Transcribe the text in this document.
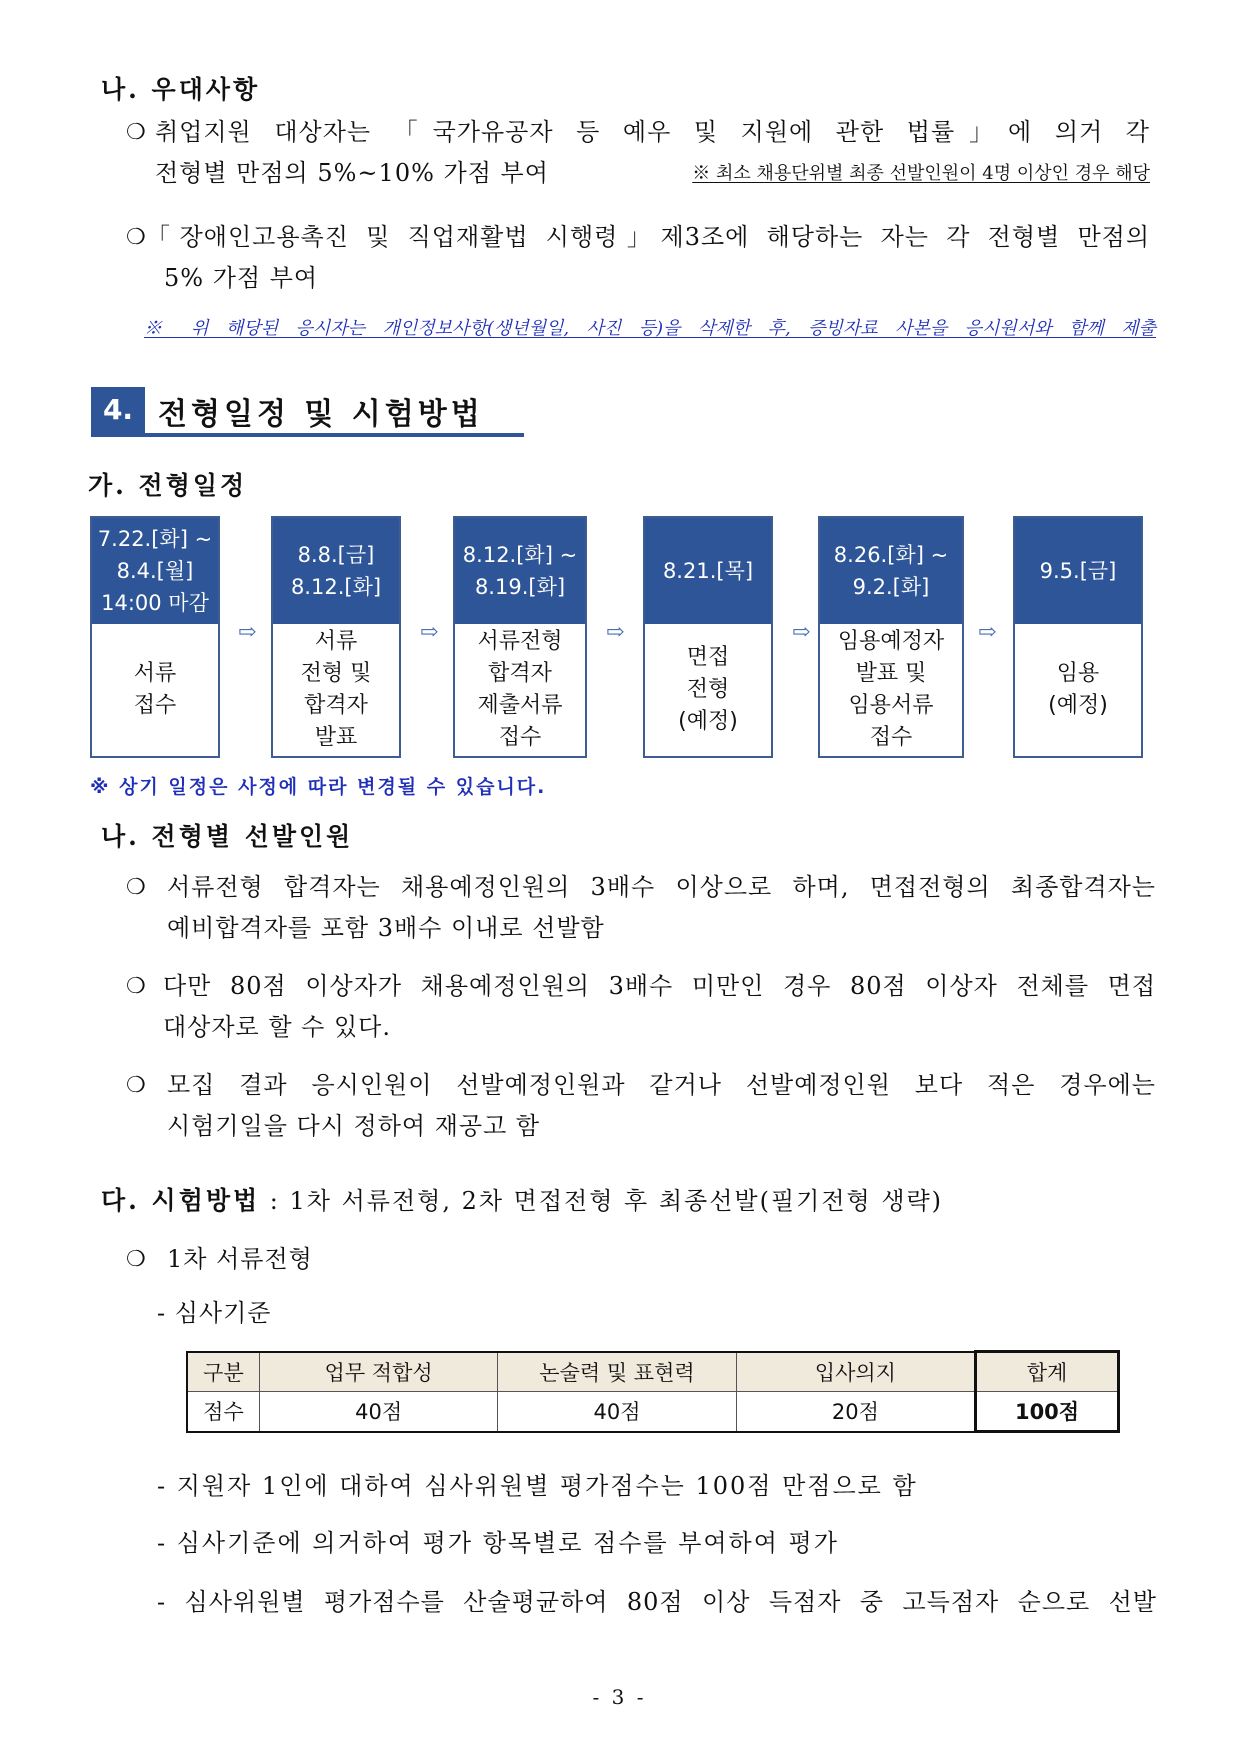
나. 우대사항
❍ 취업지원 대상자는 「국가유공자 등 예우 및 지원에 관한 법률」에 의거 각
전형별 만점의 5%~10% 가점 부여	※ 최소 채용단위별 최종 선발인원이 4명 이상인 경우 해당
❍ 「장애인고용촉진 및 직업재활법 시행령」제3조에 해당하는 자는 각 전형별 만점의
5% 가점 부여
※ 위 해당된 응시자는 개인정보사항(생년월일, 사진 등)을 삭제한 후, 증빙자료 사본을 응시원서와 함께 제출
4. 전형일정 및 시험방법
가. 전형일정
7.22.[화] ~
8.4.[월]
14:00 마감
서류
접수
8.8.[금]
8.12.[화]
서류
전형 및
합격자
발표
8.12.[화] ~
8.19.[화]
서류전형
합격자
제출서류
접수
8.21.[목]
면접
전형
(예정)
8.26.[화] ~
9.2.[화]
임용예정자
발표 및
임용서류
접수
9.5.[금]
임용
(예정)
⇨	⇨	⇨	⇨	⇨
※ 상기 일정은 사정에 따라 변경될 수 있습니다.
나. 전형별 선발인원
❍ 서류전형 합격자는 채용예정인원의 3배수 이상으로 하며, 면접전형의 최종합격자는
예비합격자를 포함 3배수 이내로 선발함
❍ 다만 80점 이상자가 채용예정인원의 3배수 미만인 경우 80점 이상자 전체를 면접
대상자로 할 수 있다.
❍ 모집 결과 응시인원이 선발예정인원과 같거나 선발예정인원 보다 적은 경우에는
시험기일을 다시 정하여 재공고 함
다. 시험방법 : 1차 서류전형, 2차 면접전형 후 최종선발(필기전형 생략)
❍ 1차 서류전형
- 심사기준
구분	업무 적합성	논술력 및 표현력	입사의지	합계
점수	40점	40점	20점	100점
- 지원자 1인에 대하여 심사위원별 평가점수는 100점 만점으로 함
- 심사기준에 의거하여 평가 항목별로 점수를 부여하여 평가
- 심사위원별 평가점수를 산술평균하여 80점 이상 득점자 중 고득점자 순으로 선발
- 3 -
